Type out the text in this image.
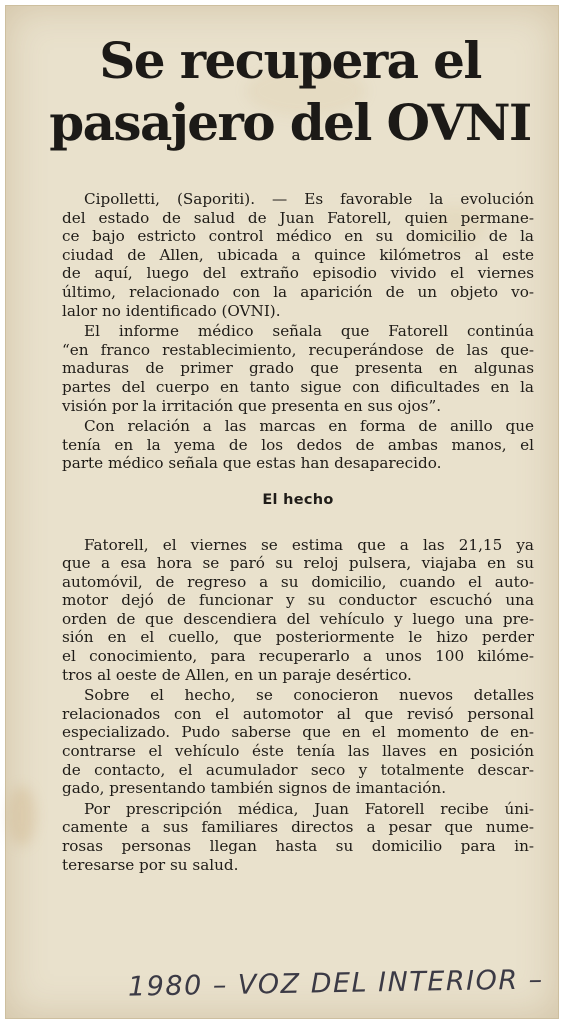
Se recupera el
pasajero del OVNI
Cipolletti, (Saporiti). — Es favorable la evolución
del estado de salud de Juan Fatorell, quien permane-
ce bajo estricto control médico en su domicilio de la
ciudad de Allen, ubicada a quince kilómetros al este
de aquí, luego del extraño episodio vivido el viernes
último, relacionado con la aparición de un objeto vo-
lalor no identificado (OVNI).
El informe médico señala que Fatorell continúa
“en franco restablecimiento, recuperándose de las que-
maduras de primer grado que presenta en algunas
partes del cuerpo en tanto sigue con dificultades en la
visión por la irritación que presenta en sus ojos”.
Con relación a las marcas en forma de anillo que
tenía en la yema de los dedos de ambas manos, el
parte médico señala que estas han desaparecido.
El hecho
Fatorell, el viernes se estima que a las 21,15 ya
que a esa hora se paró su reloj pulsera, viajaba en su
automóvil, de regreso a su domicilio, cuando el auto-
motor dejó de funcionar y su conductor escuchó una
orden de que descendiera del vehículo y luego una pre-
sión en el cuello, que posteriormente le hizo perder
el conocimiento, para recuperarlo a unos 100 kilóme-
tros al oeste de Allen, en un paraje desértico.
Sobre el hecho, se conocieron nuevos detalles
relacionados con el automotor al que revisó personal
especializado. Pudo saberse que en el momento de en-
contrarse el vehículo éste tenía las llaves en posición
de contacto, el acumulador seco y totalmente descar-
gado, presentando también signos de imantación.
Por prescripción médica, Juan Fatorell recibe úni-
camente a sus familiares directos a pesar que nume-
rosas personas llegan hasta su domicilio para in-
teresarse por su salud.
1980 – VOZ DEL INTERIOR –
